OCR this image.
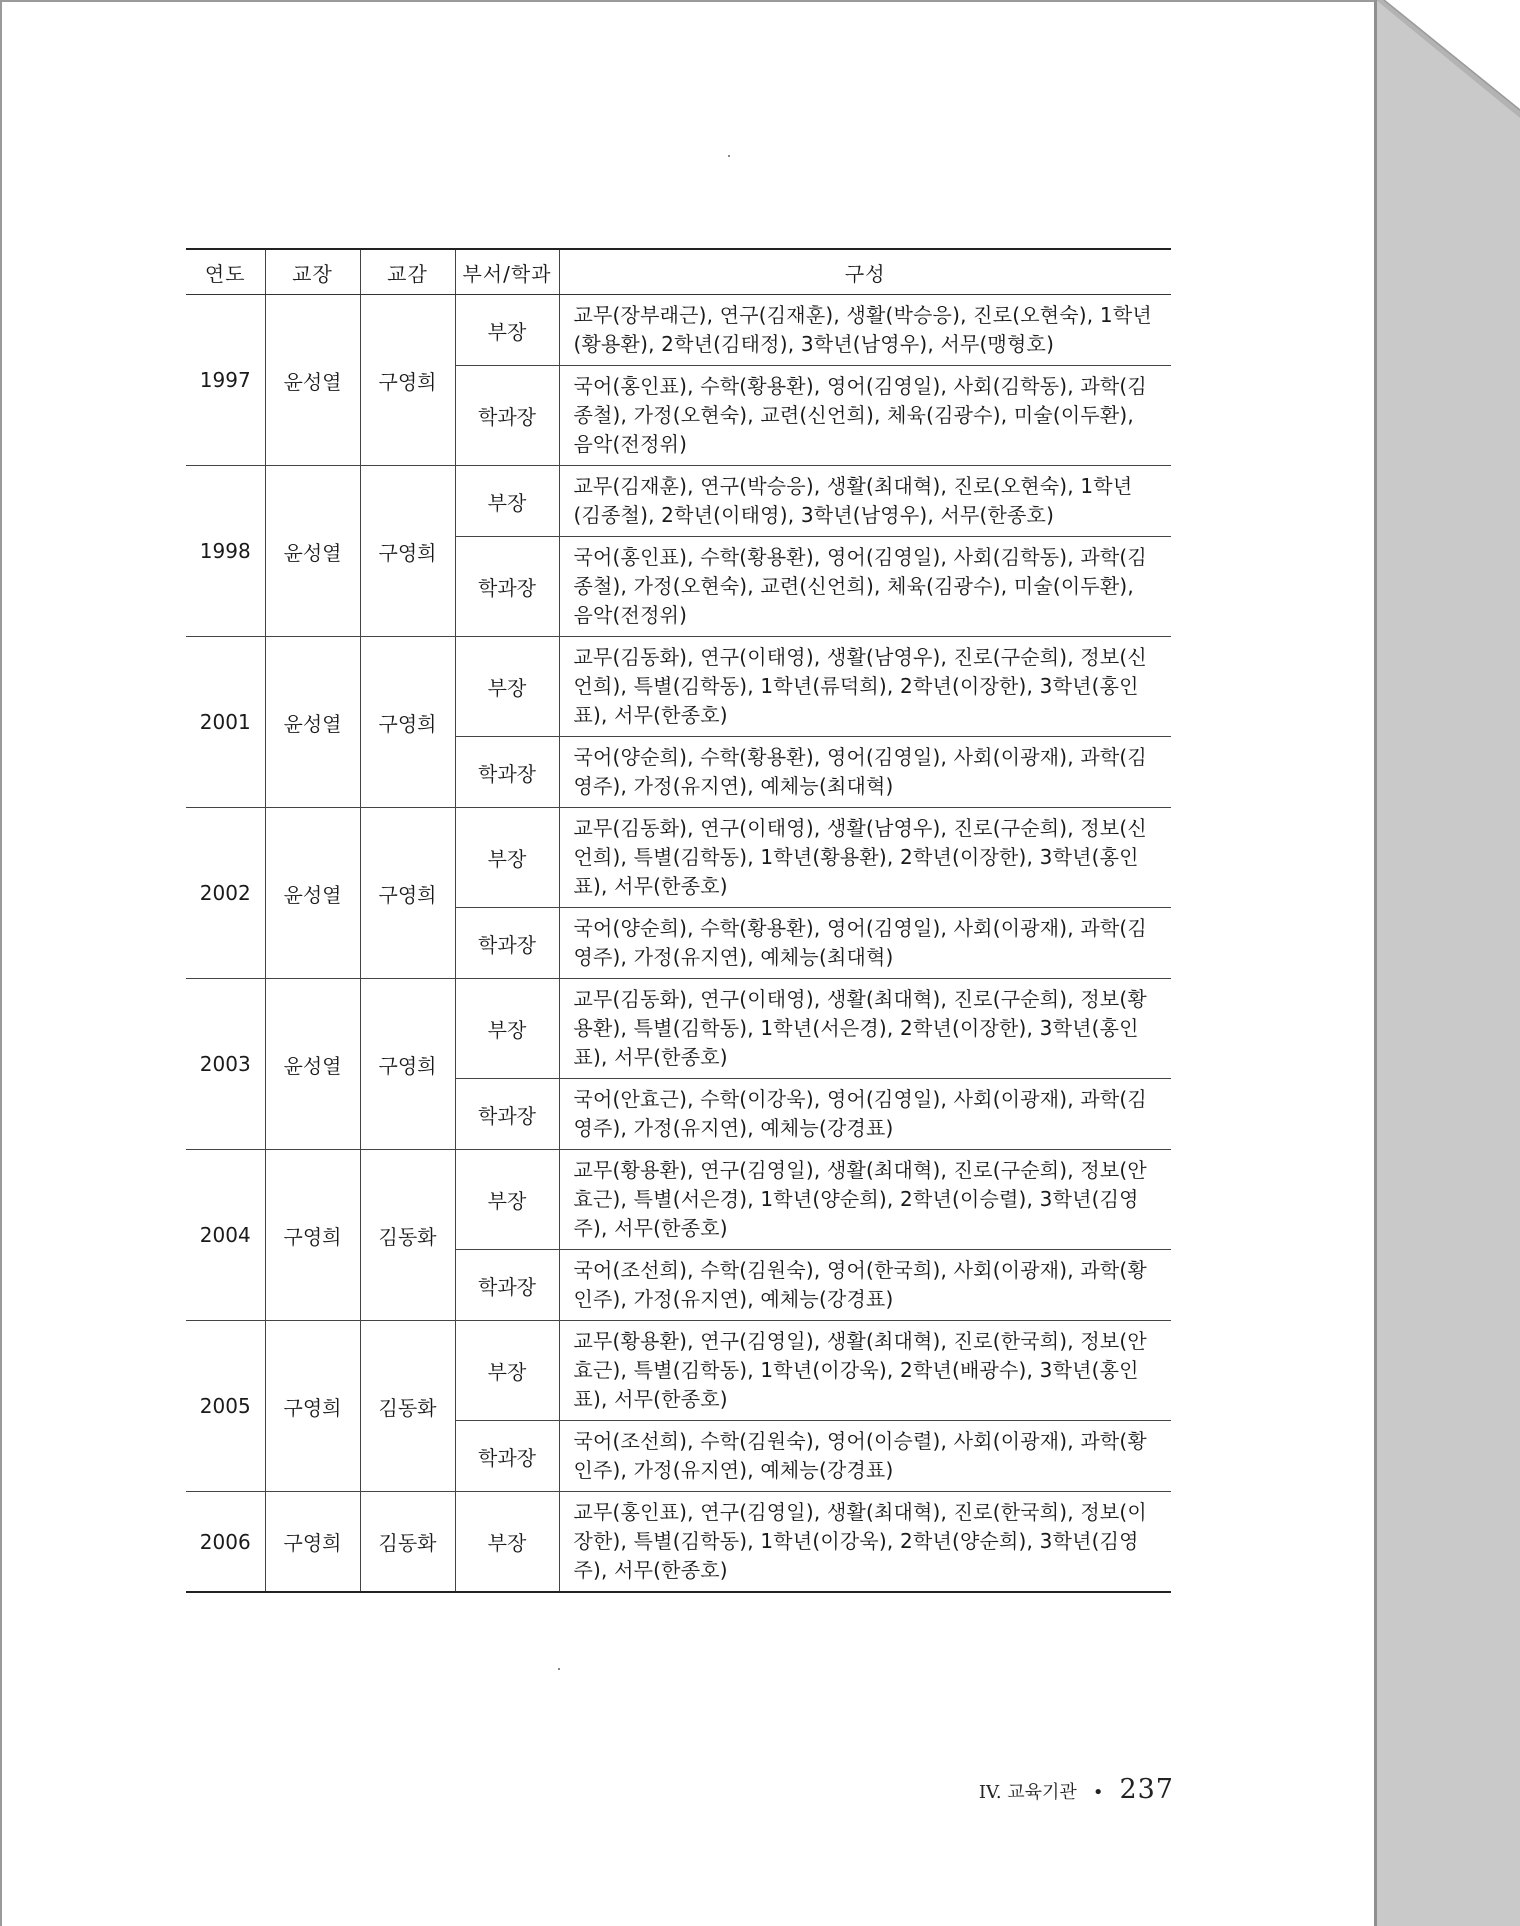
연도	교장	교감	부서/학과	구성
1997	윤성열	구영희	부장	교무(장부래근), 연구(김재훈), 생활(박승응), 진로(오현숙), 1학년(황용환), 2학년(김태정), 3학년(남영우), 서무(맹형호)
			학과장	국어(홍인표), 수학(황용환), 영어(김영일), 사회(김학동), 과학(김종철), 가정(오현숙), 교련(신언희), 체육(김광수), 미술(이두환), 음악(전정위)
1998	윤성열	구영희	부장	교무(김재훈), 연구(박승응), 생활(최대혁), 진로(오현숙), 1학년(김종철), 2학년(이태영), 3학년(남영우), 서무(한종호)
			학과장	국어(홍인표), 수학(황용환), 영어(김영일), 사회(김학동), 과학(김종철), 가정(오현숙), 교련(신언희), 체육(김광수), 미술(이두환), 음악(전정위)
2001	윤성열	구영희	부장	교무(김동화), 연구(이태영), 생활(남영우), 진로(구순희), 정보(신언희), 특별(김학동), 1학년(류덕희), 2학년(이장한), 3학년(홍인표), 서무(한종호)
			학과장	국어(양순희), 수학(황용환), 영어(김영일), 사회(이광재), 과학(김영주), 가정(유지연), 예체능(최대혁)
2002	윤성열	구영희	부장	교무(김동화), 연구(이태영), 생활(남영우), 진로(구순희), 정보(신언희), 특별(김학동), 1학년(황용환), 2학년(이장한), 3학년(홍인표), 서무(한종호)
			학과장	국어(양순희), 수학(황용환), 영어(김영일), 사회(이광재), 과학(김영주), 가정(유지연), 예체능(최대혁)
2003	윤성열	구영희	부장	교무(김동화), 연구(이태영), 생활(최대혁), 진로(구순희), 정보(황용환), 특별(김학동), 1학년(서은경), 2학년(이장한), 3학년(홍인표), 서무(한종호)
			학과장	국어(안효근), 수학(이강욱), 영어(김영일), 사회(이광재), 과학(김영주), 가정(유지연), 예체능(강경표)
2004	구영희	김동화	부장	교무(황용환), 연구(김영일), 생활(최대혁), 진로(구순희), 정보(안효근), 특별(서은경), 1학년(양순희), 2학년(이승렬), 3학년(김영주), 서무(한종호)
			학과장	국어(조선희), 수학(김원숙), 영어(한국희), 사회(이광재), 과학(황인주), 가정(유지연), 예체능(강경표)
2005	구영희	김동화	부장	교무(황용환), 연구(김영일), 생활(최대혁), 진로(한국희), 정보(안효근), 특별(김학동), 1학년(이강욱), 2학년(배광수), 3학년(홍인표), 서무(한종호)
			학과장	국어(조선희), 수학(김원숙), 영어(이승렬), 사회(이광재), 과학(황인주), 가정(유지연), 예체능(강경표)
2006	구영희	김동화	부장	교무(홍인표), 연구(김영일), 생활(최대혁), 진로(한국희), 정보(이장한), 특별(김학동), 1학년(이강욱), 2학년(양순희), 3학년(김영주), 서무(한종호)
IV. 교육기관 • 237
